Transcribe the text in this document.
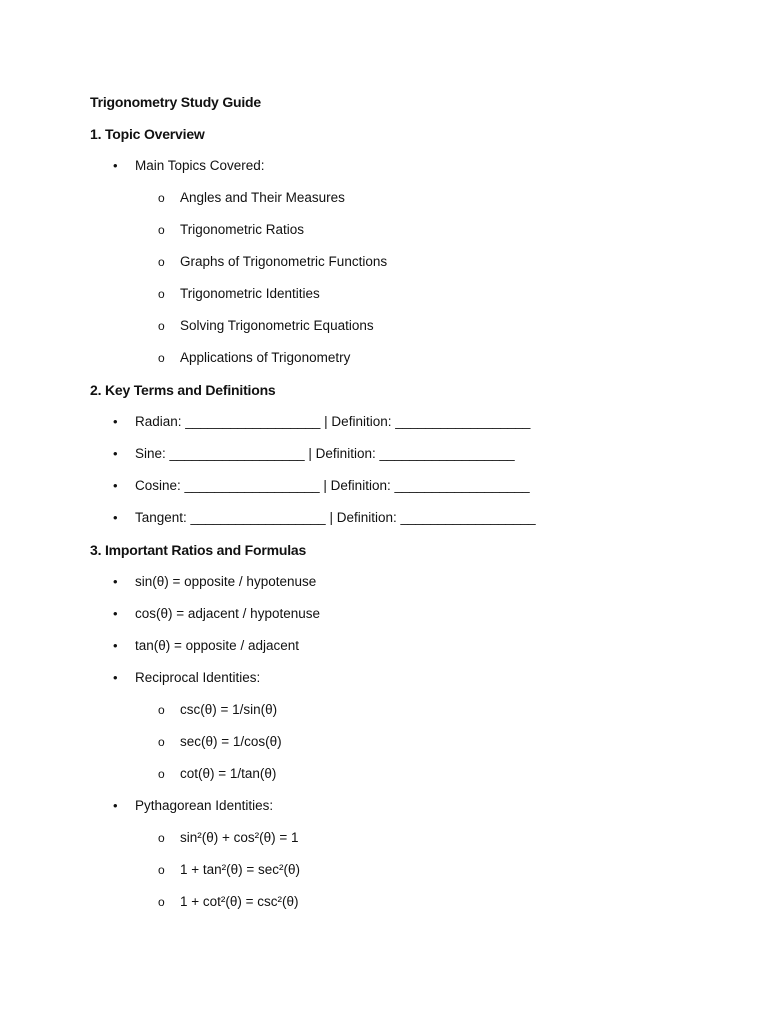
Trigonometry Study Guide
1. Topic Overview
• Main Topics Covered:
o Angles and Their Measures
o Trigonometric Ratios
o Graphs of Trigonometric Functions
o Trigonometric Identities
o Solving Trigonometric Equations
o Applications of Trigonometry
2. Key Terms and Definitions
• Radian: __________________ | Definition: __________________
• Sine: __________________ | Definition: __________________
• Cosine: __________________ | Definition: __________________
• Tangent: __________________ | Definition: __________________
3. Important Ratios and Formulas
• sin(θ) = opposite / hypotenuse
• cos(θ) = adjacent / hypotenuse
• tan(θ) = opposite / adjacent
• Reciprocal Identities:
o csc(θ) = 1/sin(θ)
o sec(θ) = 1/cos(θ)
o cot(θ) = 1/tan(θ)
• Pythagorean Identities:
o sin²(θ) + cos²(θ) = 1
o 1 + tan²(θ) = sec²(θ)
o 1 + cot²(θ) = csc²(θ)
